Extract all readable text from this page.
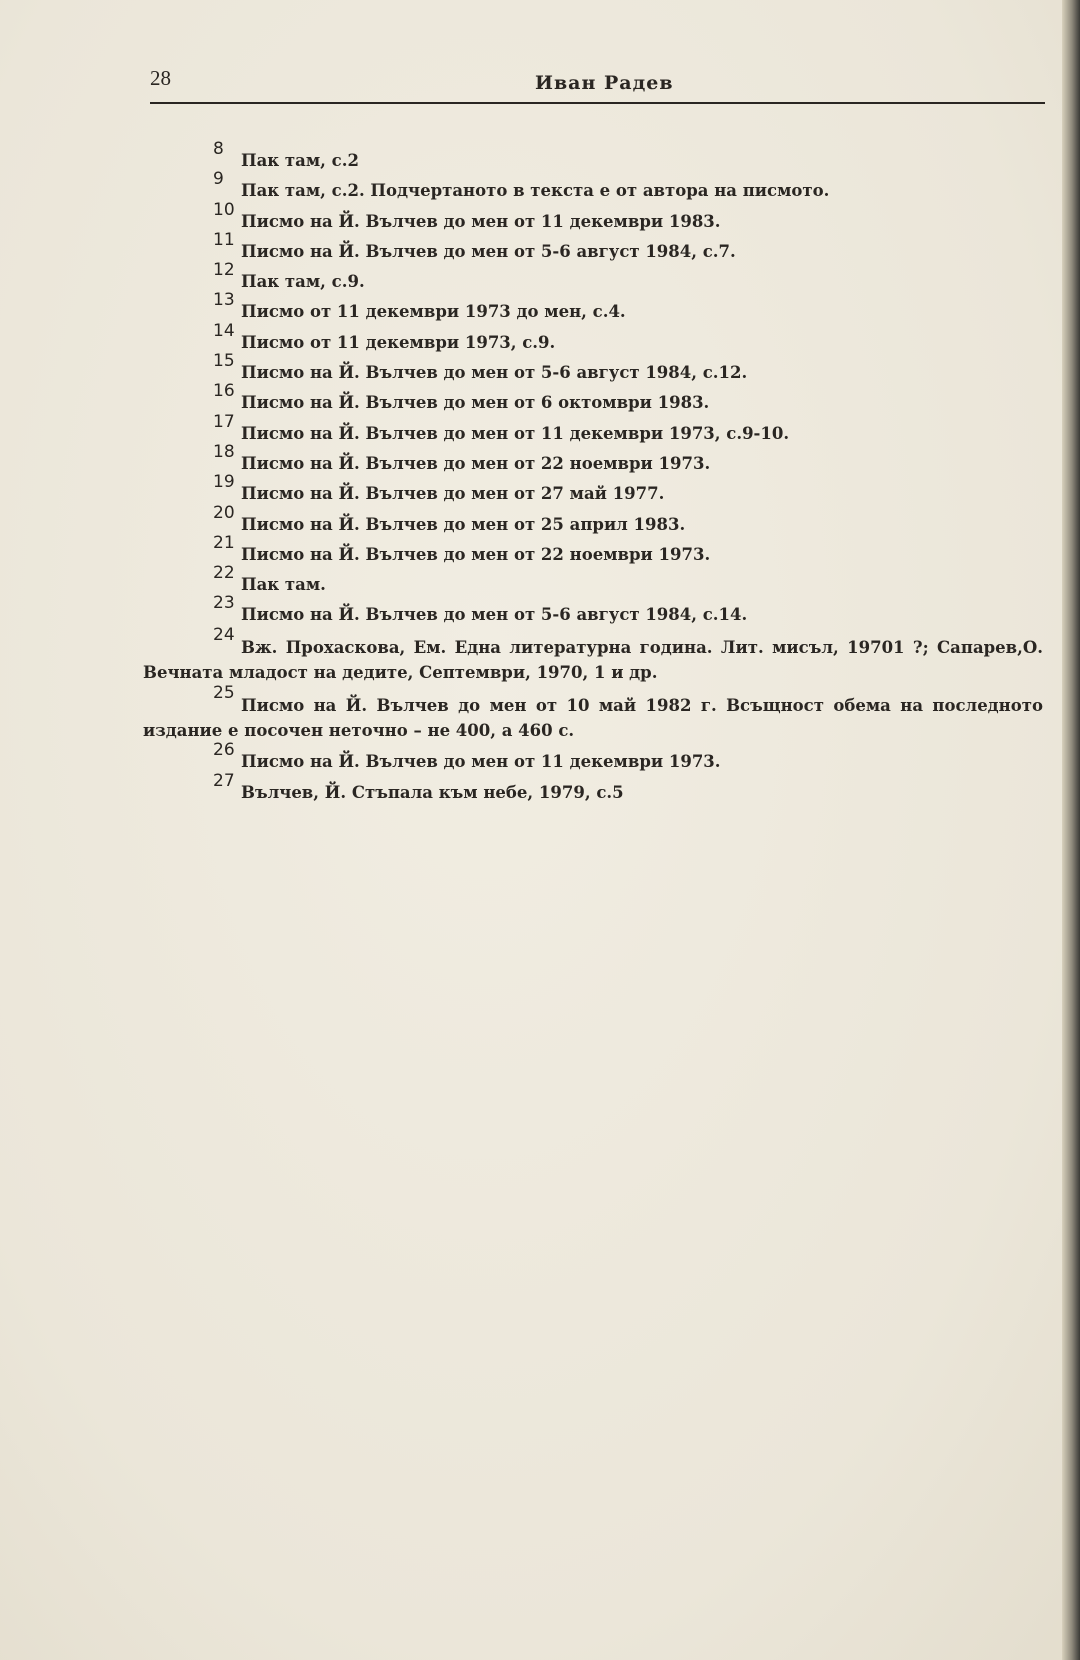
28	Иван Радев
8
Пак там, с.2
9
Пак там, с.2. Подчертаното в текста е от автора на писмото.
10
Писмо на Й. Вълчев до мен от 11 декември 1983.
11
Писмо на Й. Вълчев до мен от 5-6 август 1984, с.7.
12
Пак там, с.9.
13
Писмо от 11 декември 1973 до мен, с.4.
14
Писмо от 11 декември 1973, с.9.
15
Писмо на Й. Вълчев до мен от 5-6 август 1984, с.12.
16
Писмо на Й. Вълчев до мен от 6 октомври 1983.
17
Писмо на Й. Вълчев до мен от 11 декември 1973, с.9-10.
18
Писмо на Й. Вълчев до мен от 22 ноември 1973.
19
Писмо на Й. Вълчев до мен от 27 май 1977.
20
Писмо на Й. Вълчев до мен от 25 април 1983.
21
Писмо на Й. Вълчев до мен от 22 ноември 1973.
22
Пак там.
23
Писмо на Й. Вълчев до мен от 5-6 август 1984, с.14.
24
Вж. Прохаскова, Ем. Една литературна година. Лит. мисъл, 19701 ?; Сапарев,О. Вечната младост на дедите, Септември, 1970, 1 и др.
25
Писмо на Й. Вълчев до мен от 10 май 1982 г. Всъщност обема на последното издание е посочен неточно – не 400, а 460 с.
26
Писмо на Й. Вълчев до мен от 11 декември 1973.
27
Вълчев, Й. Стъпала към небе, 1979, с.5
